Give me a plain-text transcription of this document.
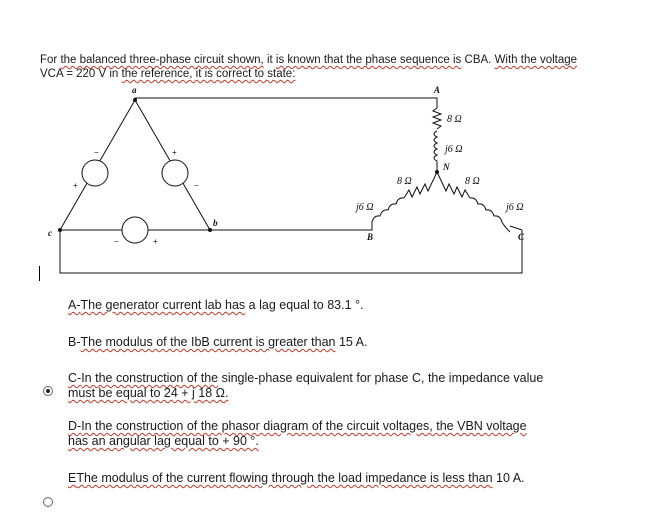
For the balanced three-phase circuit shown, it is known that the phase sequence is CBA. With the voltage
VCA = 220 V in the reference, it is correct to state:
a
c
b
A
B	C
N
8 Ω
j6 Ω
8 Ω
j6 Ω
8 Ω
j6 Ω
−
+
+
−
−	+
A-The generator current lab has a lag equal to 83.1 °.
B-The modulus of the IbB current is greater than 15 A.
C-In the construction of the single-phase equivalent for phase C, the impedance value
must be equal to 24 + j 18 Ω.
D-In the construction of the phasor diagram of the circuit voltages, the VBN voltage
has an angular lag equal to + 90 °.
EThe modulus of the current flowing through the load impedance is less than 10 A.
